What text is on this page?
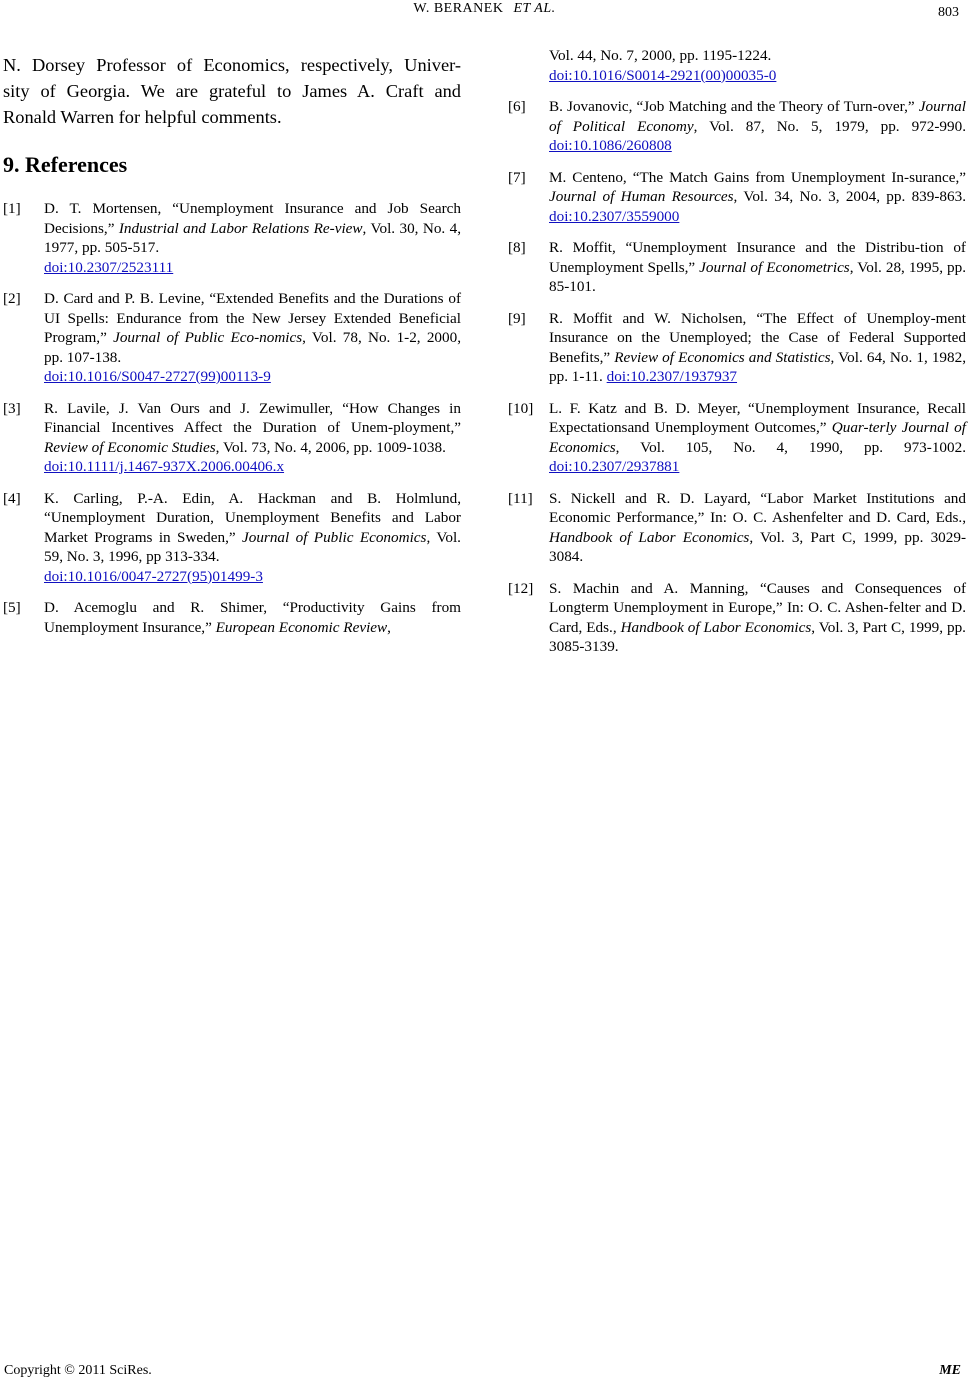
W. BERANEK ET AL.	803

N. Dorsey Professor of Economics, respectively, Univer-
sity of Georgia. We are grateful to James A. Craft and
Ronald Warren for helpful comments.

9. References
[1] D. T. Mortensen, “Unemployment Insurance and Job Search Decisions,” Industrial and Labor Relations Re-view, Vol. 30, No. 4, 1977, pp. 505-517.
doi:10.2307/2523111
[2] D. Card and P. B. Levine, “Extended Benefits and the Durations of UI Spells: Endurance from the New Jersey Extended Beneficial Program,” Journal of Public Eco-nomics, Vol. 78, No. 1-2, 2000, pp. 107-138.
doi:10.1016/S0047-2727(99)00113-9
[3] R. Lavile, J. Van Ours and J. Zewimuller, “How Changes in Financial Incentives Affect the Duration of Unem-ployment,” Review of Economic Studies, Vol. 73, No. 4, 2006, pp. 1009-1038.
doi:10.1111/j.1467-937X.2006.00406.x
[4] K. Carling, P.-A. Edin, A. Hackman and B. Holmlund, “Unemployment Duration, Unemployment Benefits and Labor Market Programs in Sweden,” Journal of Public Economics, Vol. 59, No. 3, 1996, pp 313-334.
doi:10.1016/0047-2727(95)01499-3
[5] D. Acemoglu and R. Shimer, “Productivity Gains from Unemployment Insurance,” European Economic Review,
Vol. 44, No. 7, 2000, pp. 1195-1224.
doi:10.1016/S0014-2921(00)00035-0
[6] B. Jovanovic, “Job Matching and the Theory of Turn-over,” Journal of Political Economy, Vol. 87, No. 5, 1979, pp. 972-990. doi:10.1086/260808
[7] M. Centeno, “The Match Gains from Unemployment In-surance,” Journal of Human Resources, Vol. 34, No. 3, 2004, pp. 839-863. doi:10.2307/3559000
[8] R. Moffit, “Unemployment Insurance and the Distribu-tion of Unemployment Spells,” Journal of Econometrics, Vol. 28, 1995, pp. 85-101.
[9] R. Moffit and W. Nicholsen, “The Effect of Unemploy-ment Insurance on the Unemployed; the Case of Federal Supported Benefits,” Review of Economics and Statistics, Vol. 64, No. 1, 1982, pp. 1-11. doi:10.2307/1937937
[10] L. F. Katz and B. D. Meyer, “Unemployment Insurance, Recall Expectationsand Unemployment Outcomes,” Quar-terly Journal of Economics, Vol. 105, No. 4, 1990, pp. 973-1002. doi:10.2307/2937881
[11] S. Nickell and R. D. Layard, “Labor Market Institutions and Economic Performance,” In: O. C. Ashenfelter and D. Card, Eds., Handbook of Labor Economics, Vol. 3, Part C, 1999, pp. 3029-3084.
[12] S. Machin and A. Manning, “Causes and Consequences of Longterm Unemployment in Europe,” In: O. C. Ashen-felter and D. Card, Eds., Handbook of Labor Economics, Vol. 3, Part C, 1999, pp. 3085-3139.
Copyright © 2011 SciRes.	ME
